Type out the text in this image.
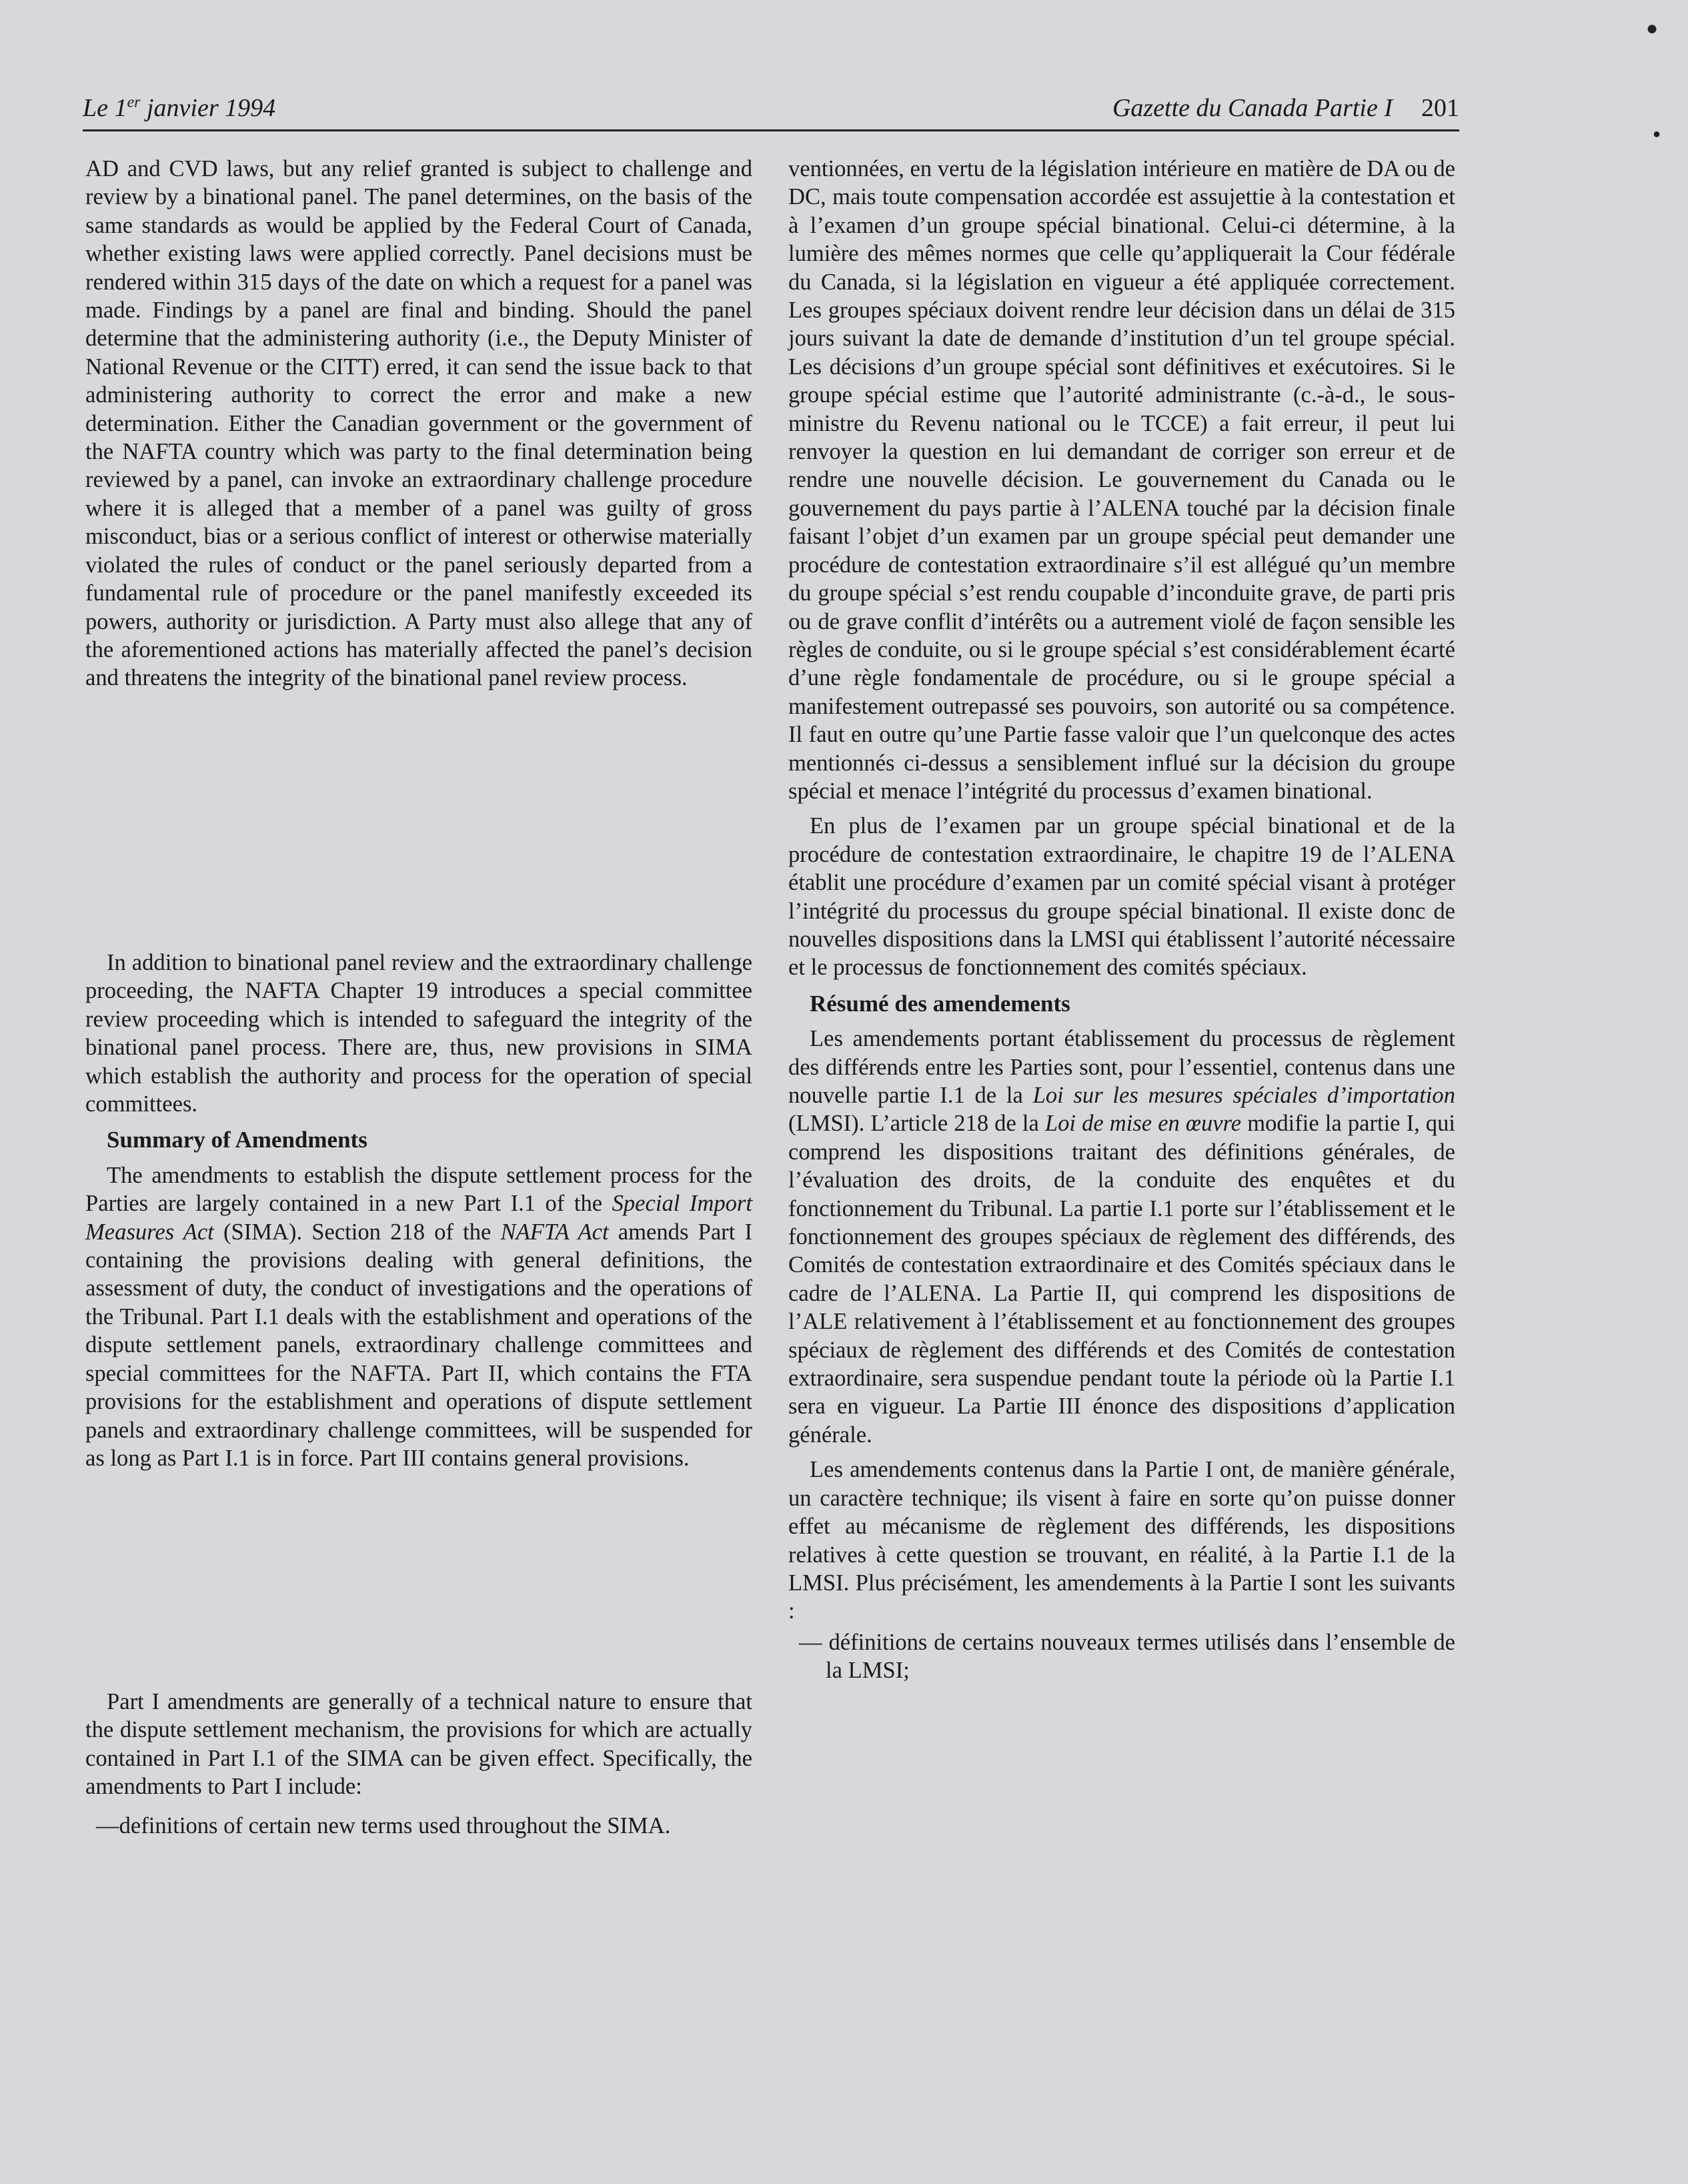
●
●
Le 1er janvier 1994	Gazette du Canada Partie I 201

AD and CVD laws, but any relief granted is subject to challenge and review by a binational panel. The panel determines, on the basis of the same standards as would be applied by the Federal Court of Canada, whether existing laws were applied correctly. Panel decisions must be rendered within 315 days of the date on which a request for a panel was made. Findings by a panel are final and binding. Should the panel determine that the administering authority (i.e., the Deputy Minister of National Revenue or the CITT) erred, it can send the issue back to that administering authority to correct the error and make a new determination. Either the Canadian government or the government of the NAFTA country which was party to the final determination being reviewed by a panel, can invoke an extraordinary challenge procedure where it is alleged that a member of a panel was guilty of gross misconduct, bias or a serious conflict of interest or otherwise materially violated the rules of conduct or the panel seriously departed from a fundamental rule of procedure or the panel manifestly exceeded its powers, authority or jurisdiction. A Party must also allege that any of the aforementioned actions has materially affected the panel’s decision and threatens the integrity of the binational panel review process.

In addition to binational panel review and the extraordinary challenge proceeding, the NAFTA Chapter 19 introduces a special committee review proceeding which is intended to safeguard the integrity of the binational panel process. There are, thus, new provisions in SIMA which establish the authority and process for the operation of special committees.

Summary of Amendments

The amendments to establish the dispute settlement process for the Parties are largely contained in a new Part I.1 of the Special Import Measures Act (SIMA). Section 218 of the NAFTA Act amends Part I containing the provisions dealing with general definitions, the assessment of duty, the conduct of investigations and the operations of the Tribunal. Part I.1 deals with the establishment and operations of the dispute settlement panels, extraordinary challenge committees and special committees for the NAFTA. Part II, which contains the FTA provisions for the establishment and operations of dispute settlement panels and extraordinary challenge committees, will be suspended for as long as Part I.1 is in force. Part III contains general provisions.

Part I amendments are generally of a technical nature to ensure that the dispute settlement mechanism, the provisions for which are actually contained in Part I.1 of the SIMA can be given effect. Specifically, the amendments to Part I include:

—definitions of certain new terms used throughout the SIMA.

ventionnées, en vertu de la législation intérieure en matière de DA ou de DC, mais toute compensation accordée est assujettie à la contestation et à l’examen d’un groupe spécial binational. Celui-ci détermine, à la lumière des mêmes normes que celle qu’appliquerait la Cour fédérale du Canada, si la législation en vigueur a été appliquée correctement. Les groupes spéciaux doivent rendre leur décision dans un délai de 315 jours suivant la date de demande d’institution d’un tel groupe spécial. Les décisions d’un groupe spécial sont définitives et exécutoires. Si le groupe spécial estime que l’autorité administrante (c.-à-d., le sous-ministre du Revenu national ou le TCCE) a fait erreur, il peut lui renvoyer la question en lui demandant de corriger son erreur et de rendre une nouvelle décision. Le gouvernement du Canada ou le gouvernement du pays partie à l’ALENA touché par la décision finale faisant l’objet d’un examen par un groupe spécial peut demander une procédure de contestation extraordinaire s’il est allégué qu’un membre du groupe spécial s’est rendu coupable d’inconduite grave, de parti pris ou de grave conflit d’intérêts ou a autrement violé de façon sensible les règles de conduite, ou si le groupe spécial s’est considérablement écarté d’une règle fondamentale de procédure, ou si le groupe spécial a manifestement outrepassé ses pouvoirs, son autorité ou sa compétence. Il faut en outre qu’une Partie fasse valoir que l’un quelconque des actes mentionnés ci-dessus a sensiblement influé sur la décision du groupe spécial et menace l’intégrité du processus d’examen binational.

En plus de l’examen par un groupe spécial binational et de la procédure de contestation extraordinaire, le chapitre 19 de l’ALENA établit une procédure d’examen par un comité spécial visant à protéger l’intégrité du processus du groupe spécial binational. Il existe donc de nouvelles dispositions dans la LMSI qui établissent l’autorité nécessaire et le processus de fonctionnement des comités spéciaux.

Résumé des amendements

Les amendements portant établissement du processus de règlement des différends entre les Parties sont, pour l’essentiel, contenus dans une nouvelle partie I.1 de la Loi sur les mesures spéciales d’importation (LMSI). L’article 218 de la Loi de mise en œuvre modifie la partie I, qui comprend les dispositions traitant des définitions générales, de l’évaluation des droits, de la conduite des enquêtes et du fonctionnement du Tribunal. La partie I.1 porte sur l’établissement et le fonctionnement des groupes spéciaux de règlement des différends, des Comités de contestation extraordinaire et des Comités spéciaux dans le cadre de l’ALENA. La Partie II, qui comprend les dispositions de l’ALE relativement à l’établissement et au fonctionnement des groupes spéciaux de règlement des différends et des Comités de contestation extraordinaire, sera suspendue pendant toute la période où la Partie I.1 sera en vigueur. La Partie III énonce des dispositions d’application générale.

Les amendements contenus dans la Partie I ont, de manière générale, un caractère technique; ils visent à faire en sorte qu’on puisse donner effet au mécanisme de règlement des différends, les dispositions relatives à cette question se trouvant, en réalité, à la Partie I.1 de la LMSI. Plus précisément, les amendements à la Partie I sont les suivants :

— définitions de certains nouveaux termes utilisés dans l’ensemble de la LMSI;
